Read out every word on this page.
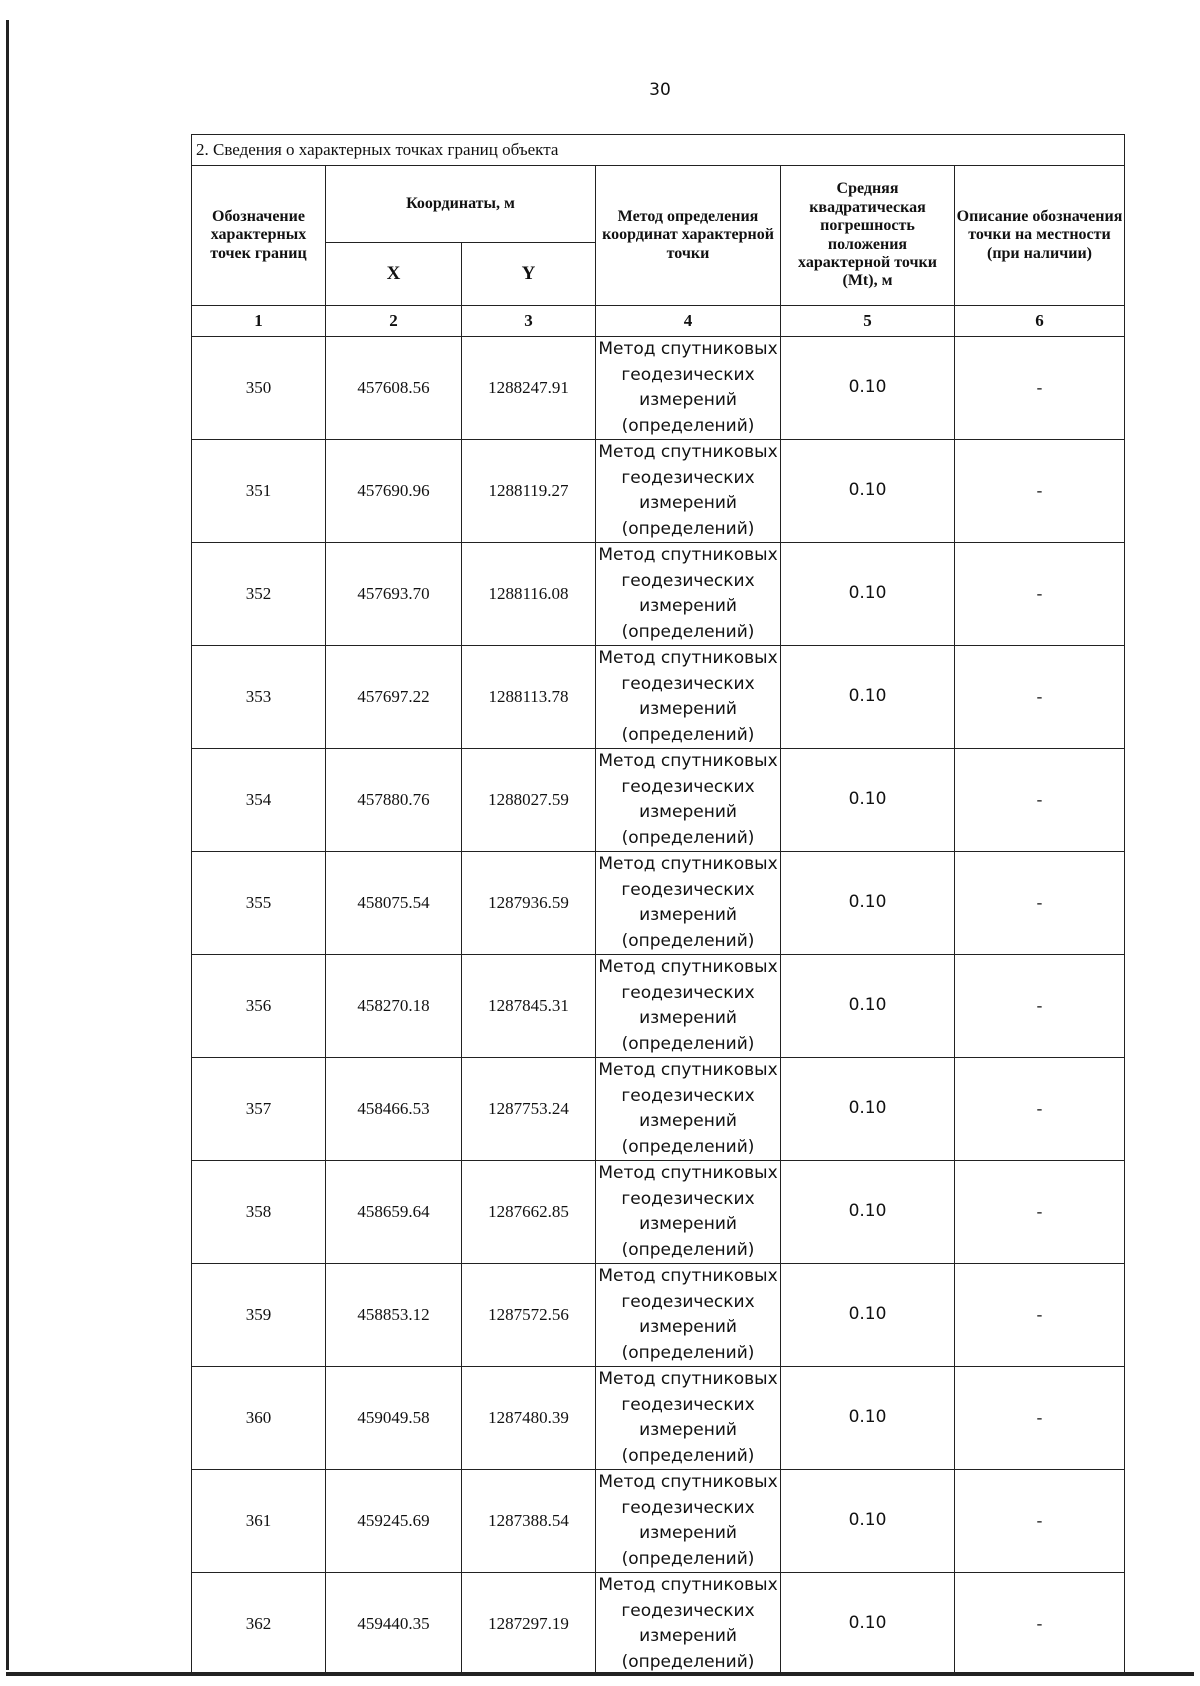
30
2. Сведения о характерных точках границ объекта					
Обозначение характерных точек границ	Координаты, м		Метод определения координат характерной точки	Средняя квадратическая погрешность положения характерной точки (Mt), м	Описание обозначения точки на местности (при наличии)
	X	Y			
1	2	3	4	5	6
350	457608.56	1288247.91	Метод спутниковых геодезических измерений (определений)	0.10	-
351	457690.96	1288119.27	Метод спутниковых геодезических измерений (определений)	0.10	-
352	457693.70	1288116.08	Метод спутниковых геодезических измерений (определений)	0.10	-
353	457697.22	1288113.78	Метод спутниковых геодезических измерений (определений)	0.10	-
354	457880.76	1288027.59	Метод спутниковых геодезических измерений (определений)	0.10	-
355	458075.54	1287936.59	Метод спутниковых геодезических измерений (определений)	0.10	-
356	458270.18	1287845.31	Метод спутниковых геодезических измерений (определений)	0.10	-
357	458466.53	1287753.24	Метод спутниковых геодезических измерений (определений)	0.10	-
358	458659.64	1287662.85	Метод спутниковых геодезических измерений (определений)	0.10	-
359	458853.12	1287572.56	Метод спутниковых геодезических измерений (определений)	0.10	-
360	459049.58	1287480.39	Метод спутниковых геодезических измерений (определений)	0.10	-
361	459245.69	1287388.54	Метод спутниковых геодезических измерений (определений)	0.10	-
362	459440.35	1287297.19	Метод спутниковых геодезических измерений (определений)	0.10	-
